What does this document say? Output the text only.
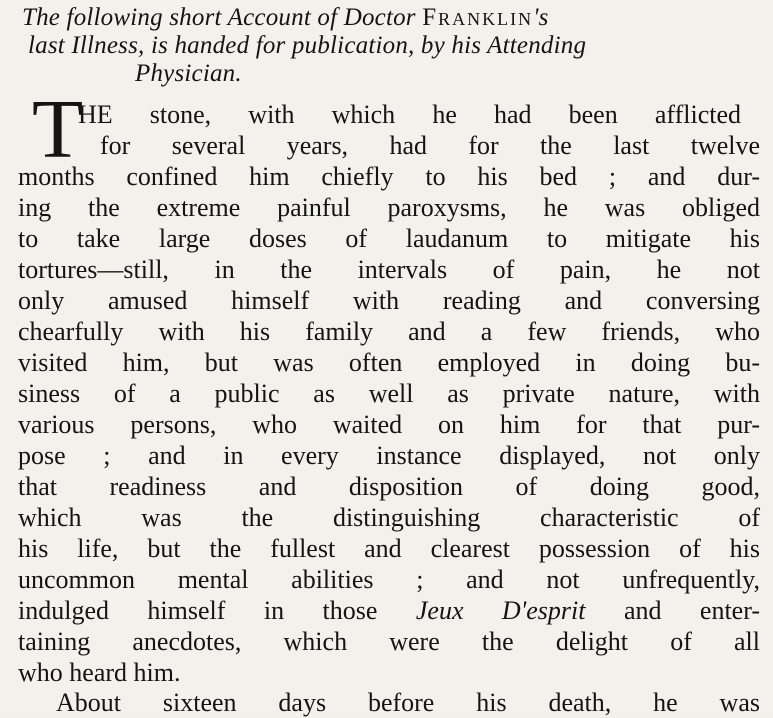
The following short Account of Doctor Franklin's
last Illness, is handed for publication, by his Attending
Physician.
T
HE stone, with which he had been afflicted
for several years, had for the last twelve
months confined him chiefly to his bed ; and dur-
ing the extreme painful paroxysms, he was obliged
to take large doses of laudanum to mitigate his
tortures—still, in the intervals of pain, he not
only amused himself with reading and conversing
chearfully with his family and a few friends, who
visited him, but was often employed in doing bu-
siness of a public as well as private nature, with
various persons, who waited on him for that pur-
pose ; and in every instance displayed, not only
that readiness and disposition of doing good,
which was the distinguishing characteristic of
his life, but the fullest and clearest possession of his
uncommon mental abilities ; and not unfrequently,
indulged himself in those Jeux D'esprit and enter-
taining anecdotes, which were the delight of all
who heard him.
About sixteen days before his death, he was
